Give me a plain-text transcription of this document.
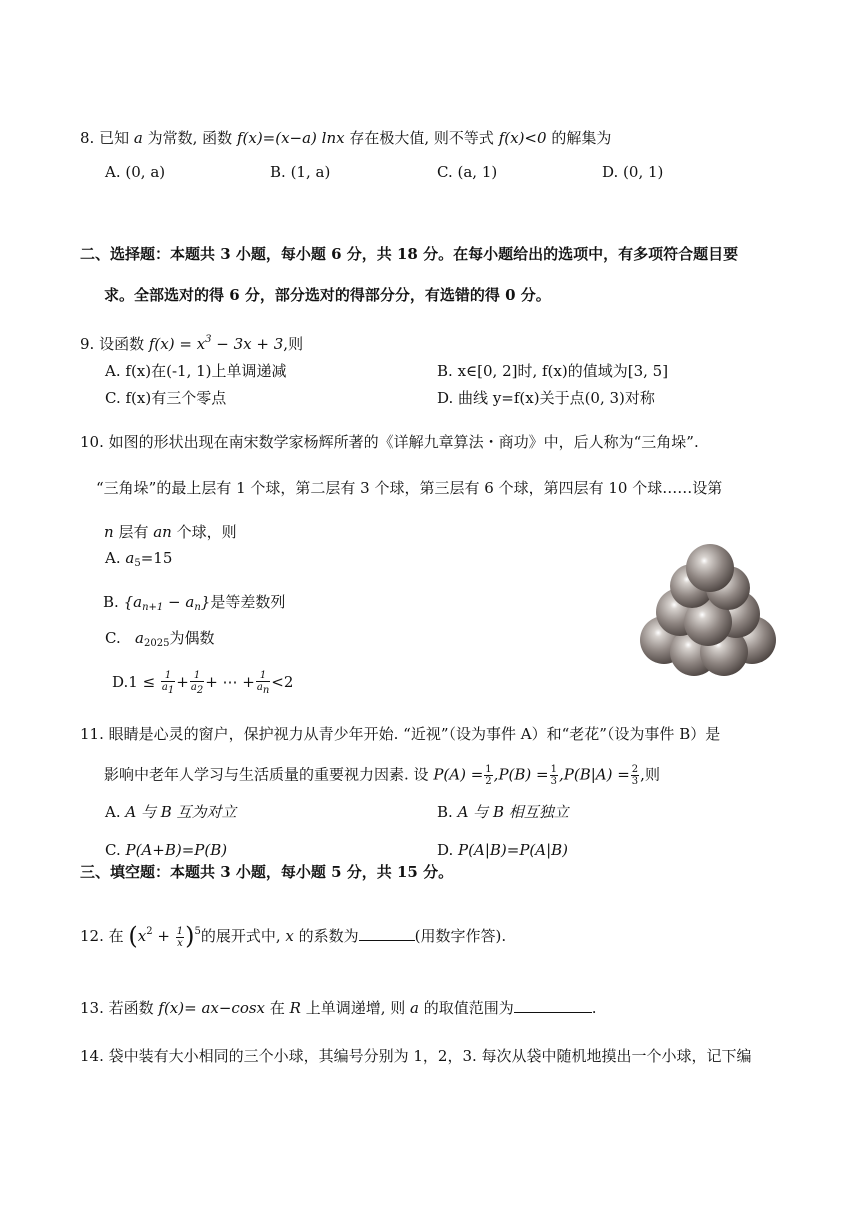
8. 已知 a 为常数, 函数 f(x)=(x−a) lnx 存在极大值, 则不等式 f(x)<0 的解集为
A. (0, a)	B. (1, a)	C. (a, 1)	D. (0, 1)
二、选择题：本题共 3 小题，每小题 6 分，共 18 分。在每小题给出的选项中，有多项符合题目要
求。全部选对的得 6 分，部分选对的得部分分，有选错的得 0 分。
9. 设函数 $f(x) = x^3 - 3x + 3$,则
A. f(x)在(-1, 1)上单调递减	B. x∈[0, 2]时, f(x)的值域为[3, 5]
C. f(x)有三个零点	D. 曲线 y=f(x)关于点(0, 3)对称
10. 如图的形状出现在南宋数学家杨辉所著的《详解九章算法・商功》中，后人称为“三角垛”.
“三角垛”的最上层有 1 个球，第二层有 3 个球，第三层有 6 个球，第四层有 10 个球……设第
n 层有 an 个球，则
A. $a_5=15$
B. $\{a_{n+1} - a_n\}$是等差数列
C. $a_{2025}$为偶数
$D.1 \le \frac{1}{a1} + \frac{1}{a2}$ + ⋯ + $\frac{1}{an} <2$
11. 眼睛是心灵的窗户，保护视力从青少年开始. “近视”（设为事件 A）和“老花”（设为事件 B）是
影响中老年人学习与生活质量的重要视力因素. 设 $P(A) = \frac{1}{2} ,P(B) = \frac{1}{3} ,P(B|A) = \frac{2}{3}$ ,则
A. A 与 B 互为对立	B. A 与 B 相互独立
C. P(A+B)=P(B)	D. P(A|B)=P(A|B)
三、填空题：本题共 3 小题，每小题 5 分，共 15 分。
12. 在 $(x^2 + \frac{1}{x} )^5$的展开式中, x 的系数为	(用数字作答).
13. 若函数 f(x)= ax−cosx 在 R 上单调递增, 则 a 的取值范围为	.
14. 袋中装有大小相同的三个小球，其编号分别为 1，2，3. 每次从袋中随机地摸出一个小球，记下编
